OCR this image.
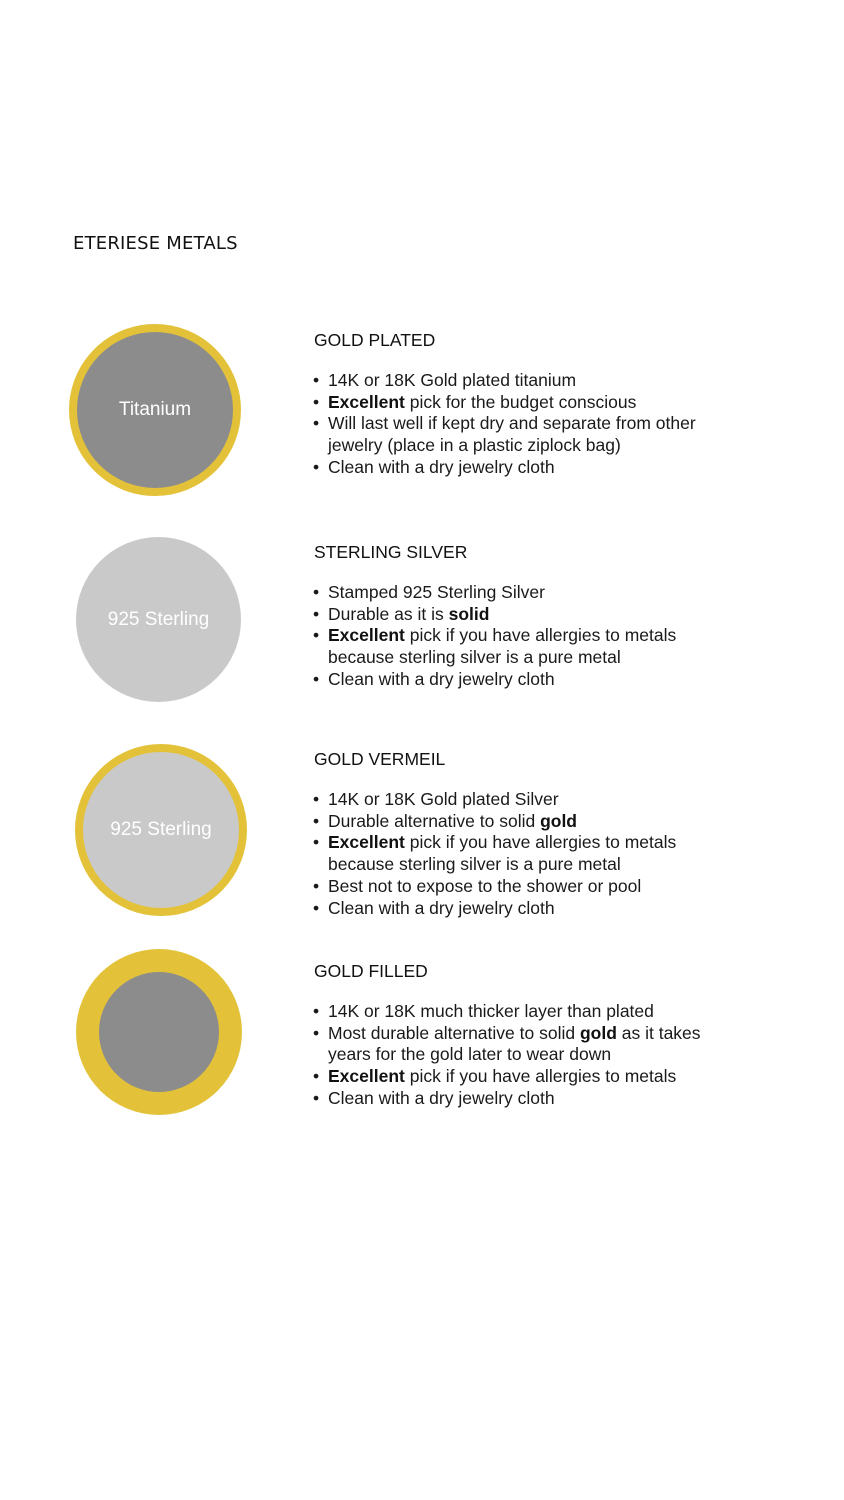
ETERIESE METALS
Titanium
GOLD PLATED
• 14K or 18K Gold plated titanium
• Excellent pick for the budget conscious
• Will last well if kept dry and separate from other jewelry (place in a plastic ziplock bag)
• Clean with a dry jewelry cloth
925 Sterling
STERLING SILVER
• Stamped 925 Sterling Silver
• Durable as it is solid
• Excellent pick if you have allergies to metals because sterling silver is a pure metal
• Clean with a dry jewelry cloth
925 Sterling
GOLD VERMEIL
• 14K or 18K Gold plated Silver
• Durable alternative to solid gold
• Excellent pick if you have allergies to metals because sterling silver is a pure metal
• Best not to expose to the shower or pool
• Clean with a dry jewelry cloth
GOLD FILLED
• 14K or 18K much thicker layer than plated
• Most durable alternative to solid gold as it takes years for the gold later to wear down
• Excellent pick if you have allergies to metals
• Clean with a dry jewelry cloth
